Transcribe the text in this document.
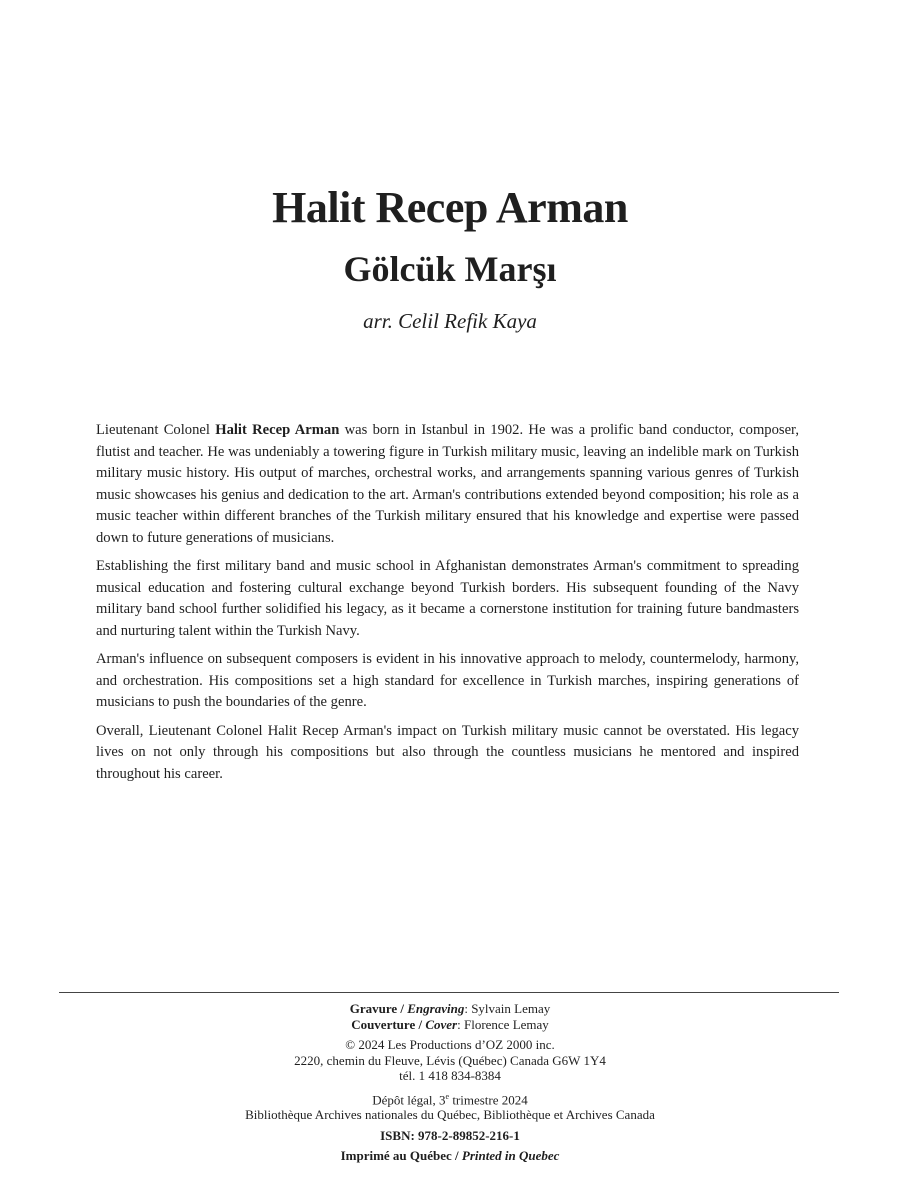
Halit Recep Arman
Gölcük Marşı
arr. Celil Refik Kaya

Lieutenant Colonel Halit Recep Arman was born in Istanbul in 1902. He was a prolific band conductor, composer, flutist and teacher. He was undeniably a towering figure in Turkish military music, leaving an indelible mark on Turkish military music history. His output of marches, orchestral works, and arrangements spanning various genres of Turkish music showcases his genius and dedication to the art. Arman's contributions extended beyond composition; his role as a music teacher within different branches of the Turkish military ensured that his knowledge and expertise were passed down to future generations of musicians.

Establishing the first military band and music school in Afghanistan demonstrates Arman's commitment to spreading musical education and fostering cultural exchange beyond Turkish borders. His subsequent founding of the Navy military band school further solidified his legacy, as it became a cornerstone institution for training future bandmasters and nurturing talent within the Turkish Navy.

Arman's influence on subsequent composers is evident in his innovative approach to melody, countermelody, harmony, and orchestration. His compositions set a high standard for excellence in Turkish marches, inspiring generations of musicians to push the boundaries of the genre.

Overall, Lieutenant Colonel Halit Recep Arman's impact on Turkish military music cannot be overstated. His legacy lives on not only through his compositions but also through the countless musicians he mentored and inspired throughout his career.

Gravure / Engraving: Sylvain Lemay
Couverture / Cover: Florence Lemay
© 2024 Les Productions d’OZ 2000 inc.
2220, chemin du Fleuve, Lévis (Québec) Canada G6W 1Y4
tél. 1 418 834-8384
Dépôt légal, 3e trimestre 2024
Bibliothèque Archives nationales du Québec, Bibliothèque et Archives Canada
ISBN: 978-2-89852-216-1
Imprimé au Québec / Printed in Quebec
